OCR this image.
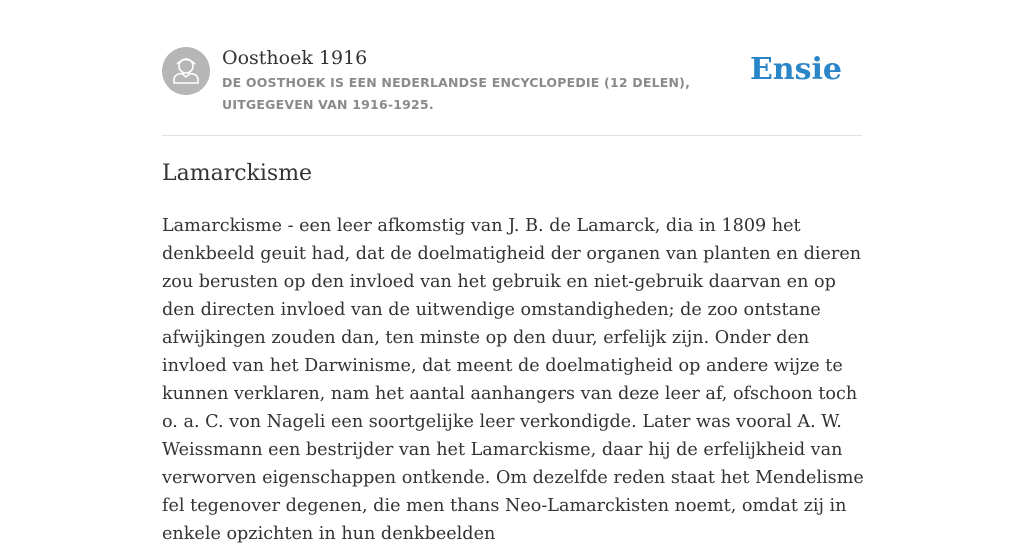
Oosthoek 1916
DE OOSTHOEK IS EEN NEDERLANDSE ENCYCLOPEDIE (12 DELEN), UITGEGEVEN VAN 1916-1925.
Ensie
Lamarckisme

Lamarckisme - een leer afkomstig van J. B. de Lamarck, dia in 1809 het denkbeeld geuit had, dat de doelmatigheid der organen van planten en dieren zou berusten op den invloed van het gebruik en niet-gebruik daarvan en op den directen invloed van de uitwendige omstandigheden; de zoo ontstane afwijkingen zouden dan, ten minste op den duur, erfelijk zijn. Onder den invloed van het Darwinisme, dat meent de doelmatigheid op andere wijze te kunnen verklaren, nam het aantal aanhangers van deze leer af, ofschoon toch o. a. C. von Nageli een soortgelijke leer verkondigde. Later was vooral A. W. Weissmann een bestrijder van het Lamarckisme, daar hij de erfelijkheid van verworven eigenschappen ontkende. Om dezelfde reden staat het Mendelisme fel tegenover degenen, die men thans Neo-Lamarckisten noemt, omdat zij in enkele opzichten in hun denkbeelden
